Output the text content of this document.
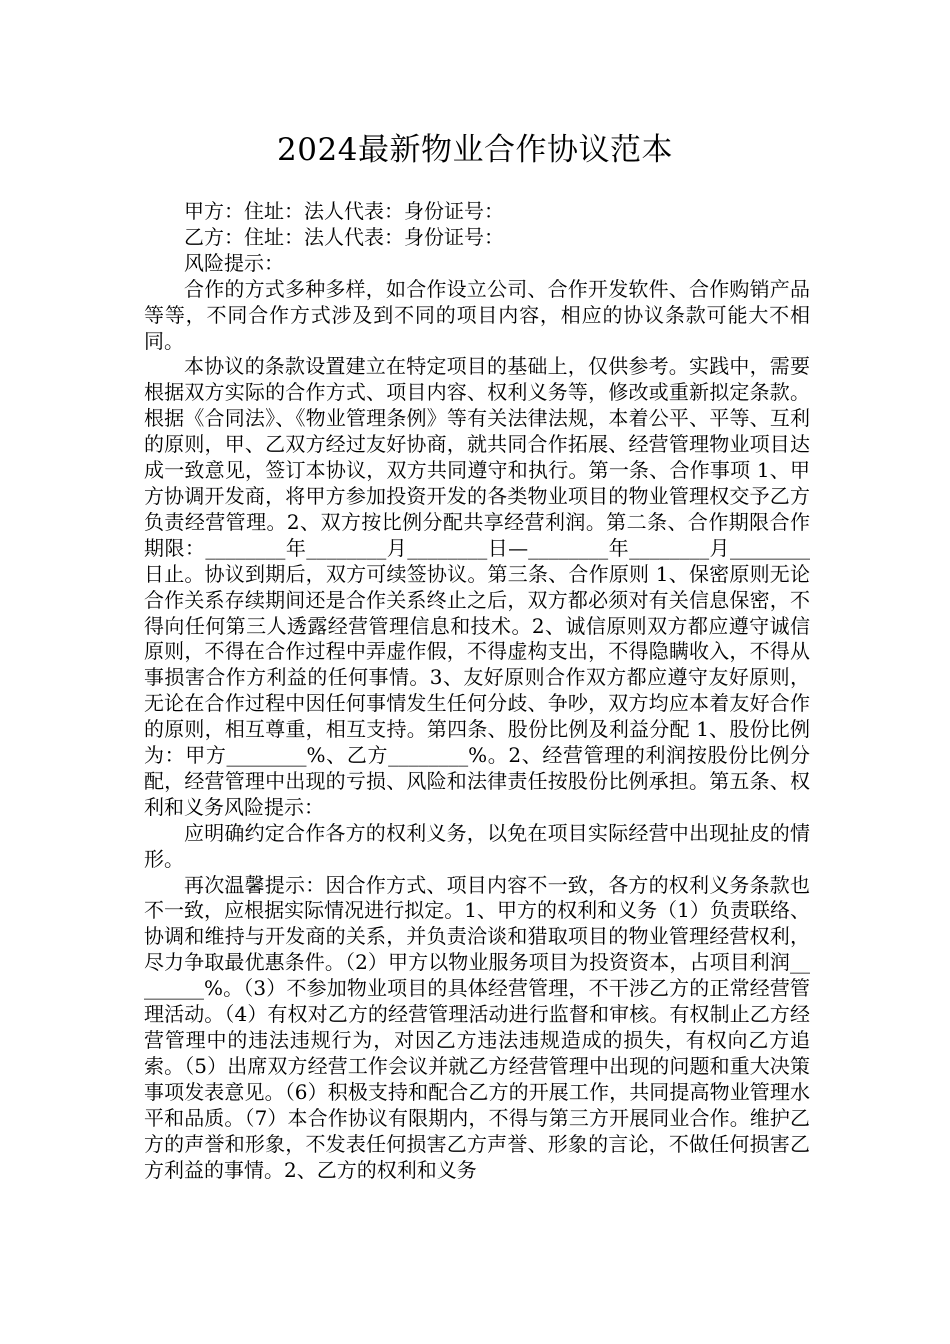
2024最新物业合作协议范本

甲方：住址：法人代表：身份证号：

乙方：住址：法人代表：身份证号：

风险提示：

合作的方式多种多样，如合作设立公司、合作开发软件、合作购销产品等等，不同合作方式涉及到不同的项目内容，相应的协议条款可能大不相同。

本协议的条款设置建立在特定项目的基础上，仅供参考。实践中，需要根据双方实际的合作方式、项目内容、权利义务等，修改或重新拟定条款。根据《合同法》、《物业管理条例》等有关法律法规，本着公平、平等、互利的原则，甲、乙双方经过友好协商，就共同合作拓展、经营管理物业项目达成一致意见，签订本协议，双方共同遵守和执行。第一条、合作事项 1、甲方协调开发商，将甲方参加投资开发的各类物业项目的物业管理权交予乙方负责经营管理。2、双方按比例分配共享经营利润。第二条、合作期限合作期限：________年________月________日—________年________月________日止。协议到期后，双方可续签协议。第三条、合作原则 1、保密原则无论合作关系存续期间还是合作关系终止之后，双方都必须对有关信息保密，不得向任何第三人透露经营管理信息和技术。2、诚信原则双方都应遵守诚信原则，不得在合作过程中弄虚作假，不得虚构支出，不得隐瞒收入，不得从事损害合作方利益的任何事情。3、友好原则合作双方都应遵守友好原则，无论在合作过程中因任何事情发生任何分歧、争吵，双方均应本着友好合作的原则，相互尊重，相互支持。第四条、股份比例及利益分配 1、股份比例为：甲方________%、乙方________%。2、经营管理的利润按股份比例分配，经营管理中出现的亏损、风险和法律责任按股份比例承担。第五条、权利和义务风险提示：

应明确约定合作各方的权利义务，以免在项目实际经营中出现扯皮的情形。

再次温馨提示：因合作方式、项目内容不一致，各方的权利义务条款也不一致，应根据实际情况进行拟定。1、甲方的权利和义务（1）负责联络、协调和维持与开发商的关系，并负责洽谈和猎取项目的物业管理经营权利，尽力争取最优惠条件。（2）甲方以物业服务项目为投资资本，占项目利润________%。（3）不参加物业项目的具体经营管理，不干涉乙方的正常经营管理活动。（4）有权对乙方的经营管理活动进行监督和审核。有权制止乙方经营管理中的违法违规行为，对因乙方违法违规造成的损失，有权向乙方追索。（5）出席双方经营工作会议并就乙方经营管理中出现的问题和重大决策事项发表意见。（6）积极支持和配合乙方的开展工作，共同提高物业管理水平和品质。（7）本合作协议有限期内，不得与第三方开展同业合作。维护乙方的声誉和形象，不发表任何损害乙方声誉、形象的言论，不做任何损害乙方利益的事情。2、乙方的权利和义务
